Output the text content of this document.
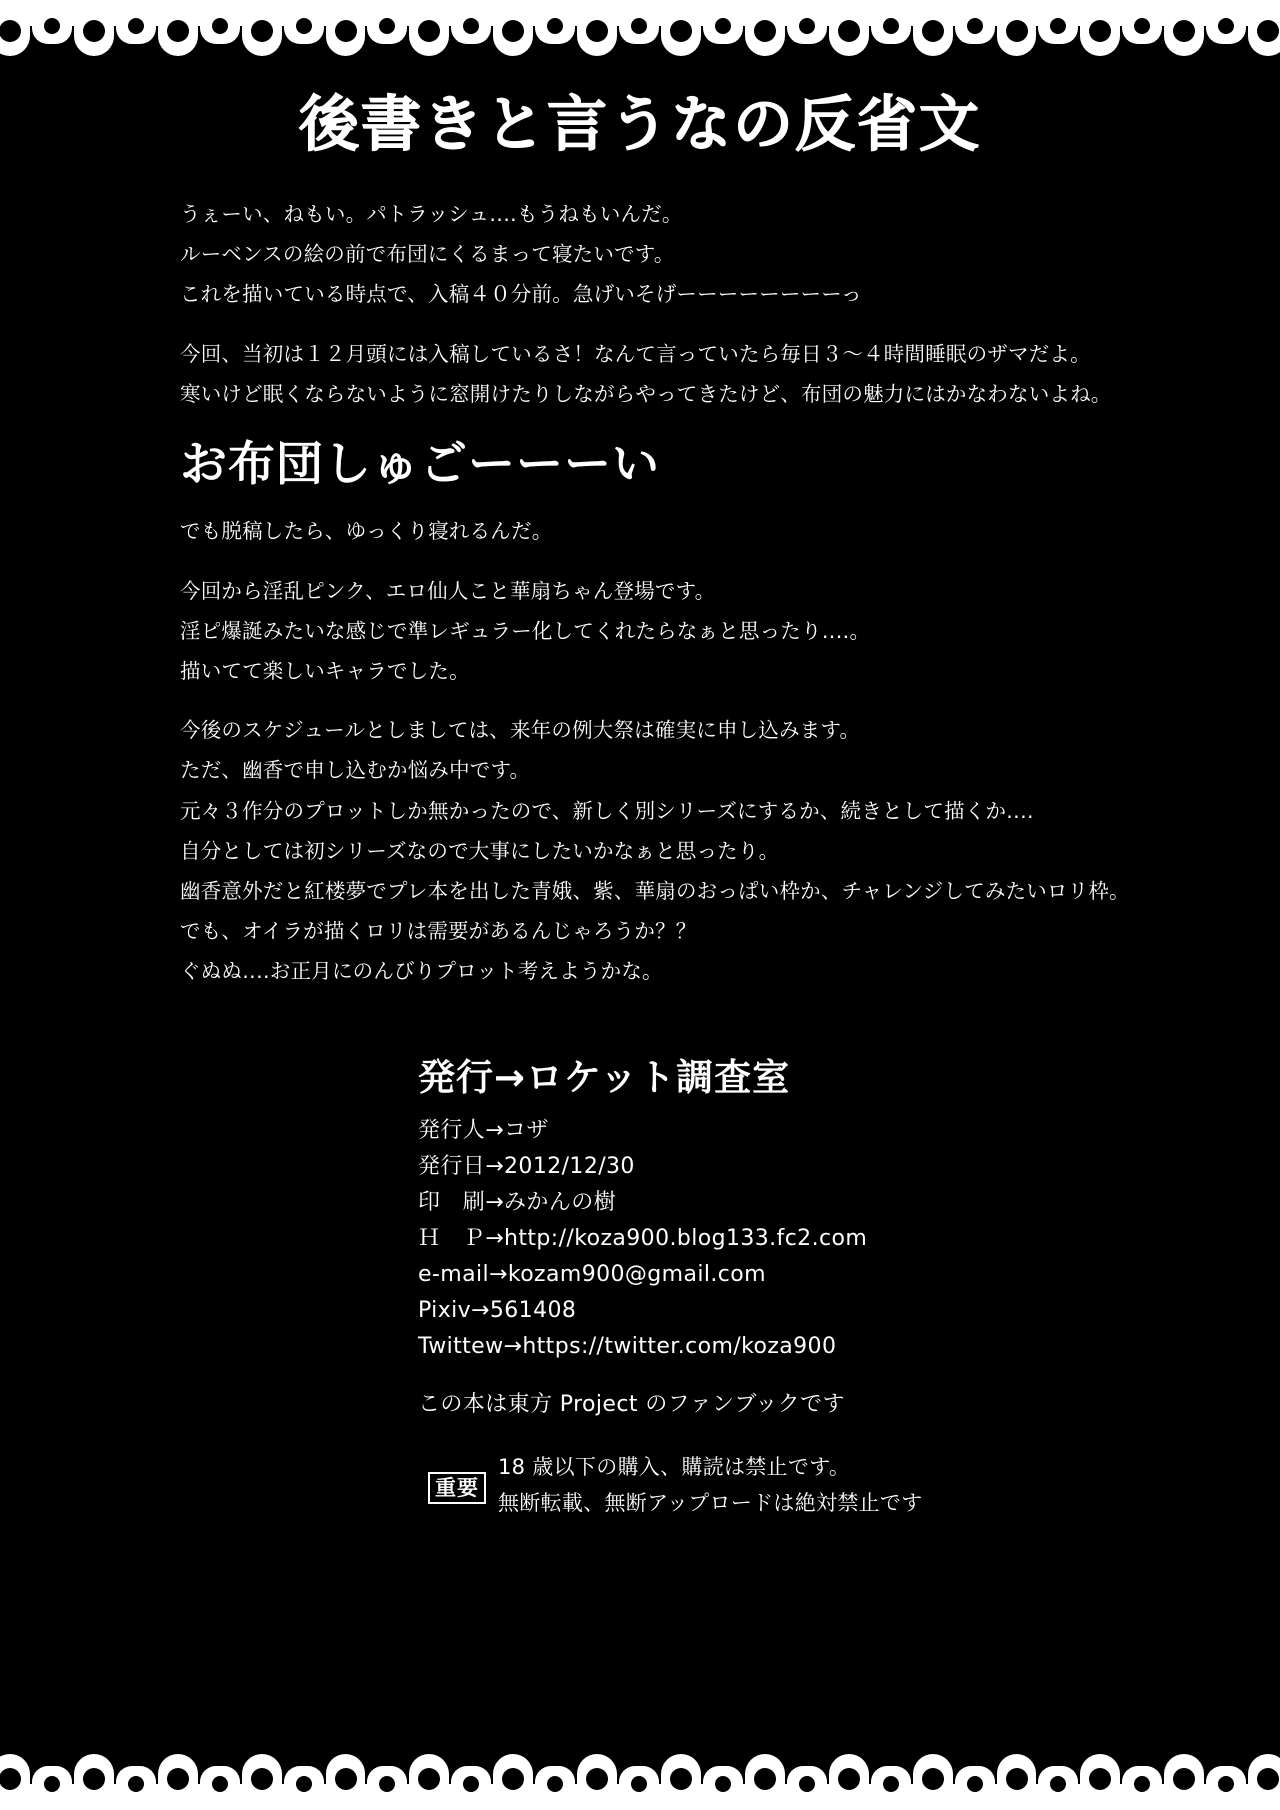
後書きと言うなの反省文

うぇーい、ねもい。パトラッシュ‥‥もうねもいんだ。

ルーベンスの絵の前で布団にくるまって寝たいです。

これを描いている時点で、入稿４０分前。急げいそげーーーーーーーーっ

今回、当初は１２月頭には入稿しているさ！なんて言っていたら毎日３～４時間睡眠のザマだよ。

寒いけど眠くならないように窓開けたりしながらやってきたけど、布団の魅力にはかなわないよね。

お布団しゅごーーーい

でも脱稿したら、ゆっくり寝れるんだ。

今回から淫乱ピンク、エロ仙人こと華扇ちゃん登場です。

淫ピ爆誕みたいな感じで準レギュラー化してくれたらなぁと思ったり‥‥。

描いてて楽しいキャラでした。

今後のスケジュールとしましては、来年の例大祭は確実に申し込みます。

ただ、幽香で申し込むか悩み中です。

元々３作分のプロットしか無かったので、新しく別シリーズにするか、続きとして描くか‥‥

自分としては初シリーズなので大事にしたいかなぁと思ったり。

幽香意外だと紅楼夢でプレ本を出した青娥、紫、華扇のおっぱい枠か、チャレンジしてみたいロリ枠。

でも、オイラが描くロリは需要があるんじゃろうか？？

ぐぬぬ‥‥お正月にのんびりプロット考えようかな。

発行→ロケット調査室

発行人→コザ

発行日→2012/12/30

印　刷→みかんの樹

Ｈ　Ｐ→http://koza900.blog133.fc2.com

e-mail→kozam900@gmail.com

Pixiv→561408

Twittew→https://twitter.com/koza900

この本は東方 Project のファンブックです

重要

18 歳以下の購入、購読は禁止です。

無断転載、無断アップロードは絶対禁止です
